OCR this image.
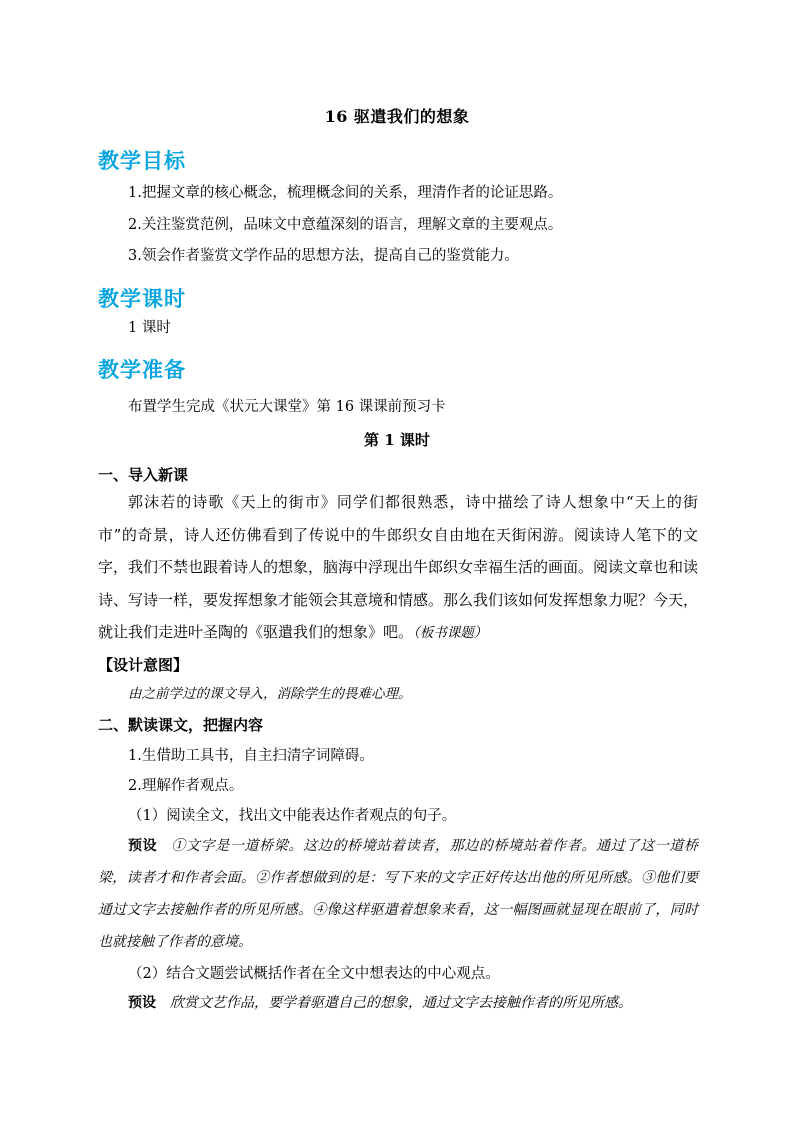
16 驱遣我们的想象
教学目标
1.把握文章的核心概念，梳理概念间的关系，理清作者的论证思路。
2.关注鉴赏范例，品味文中意蕴深刻的语言，理解文章的主要观点。
3.领会作者鉴赏文学作品的思想方法，提高自己的鉴赏能力。
教学课时
1 课时
教学准备
布置学生完成《状元大课堂》第 16 课课前预习卡
第 1 课时
一、导入新课
郭沫若的诗歌《天上的街市》同学们都很熟悉，诗中描绘了诗人想象中“天上的街市”的奇景，诗人还仿佛看到了传说中的牛郎织女自由地在天街闲游。阅读诗人笔下的文字，我们不禁也跟着诗人的想象，脑海中浮现出牛郎织女幸福生活的画面。阅读文章也和读诗、写诗一样，要发挥想象才能领会其意境和情感。那么我们该如何发挥想象力呢？今天，就让我们走进叶圣陶的《驱遣我们的想象》吧。（板书课题）
【设计意图】
由之前学过的课文导入，消除学生的畏难心理。
二、默读课文，把握内容
1.生借助工具书，自主扫清字词障碍。
2.理解作者观点。
（1）阅读全文，找出文中能表达作者观点的句子。
预设 ①文字是一道桥梁。这边的桥境站着读者，那边的桥境站着作者。通过了这一道桥梁，读者才和作者会面。②作者想做到的是：写下来的文字正好传达出他的所见所感。③他们要通过文字去接触作者的所见所感。④像这样驱遣着想象来看，这一幅图画就显现在眼前了，同时也就接触了作者的意境。
（2）结合文题尝试概括作者在全文中想表达的中心观点。
预设 欣赏文艺作品，要学着驱遣自己的想象，通过文字去接触作者的所见所感。
